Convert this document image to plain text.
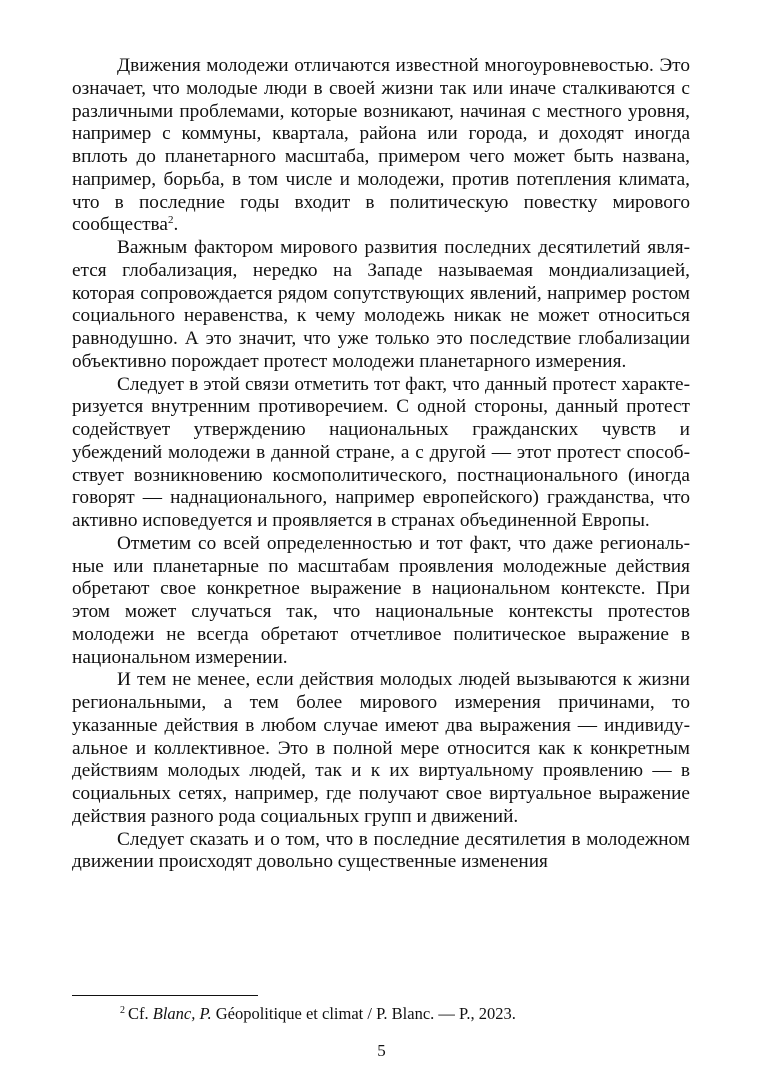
Движения молодежи отличаются известной многоуровневостью. Это означает, что молодые люди в своей жизни так или иначе сталкиваются с различными проблемами, которые возникают, начиная с местного уровня, например с коммуны, квартала, района или города, и доходят иногда вплоть до планетарного масштаба, примером чего может быть названа, например, борьба, в том числе и молодежи, против потепления климата, что в последние годы входит в политическую повестку мирового сообщества$^2$.

Важным фактором мирового развития последних десятилетий является глобализация, нередко на Западе называемая мондиализацией, которая сопровождается рядом сопутствующих явлений, например ростом социального неравенства, к чему молодежь никак не может относиться равнодушно. А это значит, что уже только это последствие глобализации объективно порождает протест молодежи планетарного измерения.

Следует в этой связи отметить тот факт, что данный протест характеризуется внутренним противоречием. С одной стороны, данный протест содействует утверждению национальных гражданских чувств и убеждений молодежи в данной стране, а с другой — этот протест способствует возникновению космополитического, постнационального (иногда говорят — наднационального, например европейского) гражданства, что активно исповедуется и проявляется в странах объединенной Европы.

Отметим со всей определенностью и тот факт, что даже региональные или планетарные по масштабам проявления молодежные действия обретают свое конкретное выражение в национальном контексте. При этом может случаться так, что национальные контексты протестов молодежи не всегда обретают отчетливое политическое выражение в национальном измерении.

И тем не менее, если действия молодых людей вызываются к жизни региональными, а тем более мирового измерения причинами, то указанные действия в любом случае имеют два выражения — индивидуальное и коллективное. Это в полной мере относится как к конкретным действиям молодых людей, так и к их виртуальному проявлению — в социальных сетях, например, где получают свое виртуальное выражение действия разного рода социальных групп и движений.

Следует сказать и о том, что в последние десятилетия в молодежном движении происходят довольно существенные изменения

$^2$ Cf. Blanc, P. Géopolitique et climat / P. Blanc. — P., 2023.
5
